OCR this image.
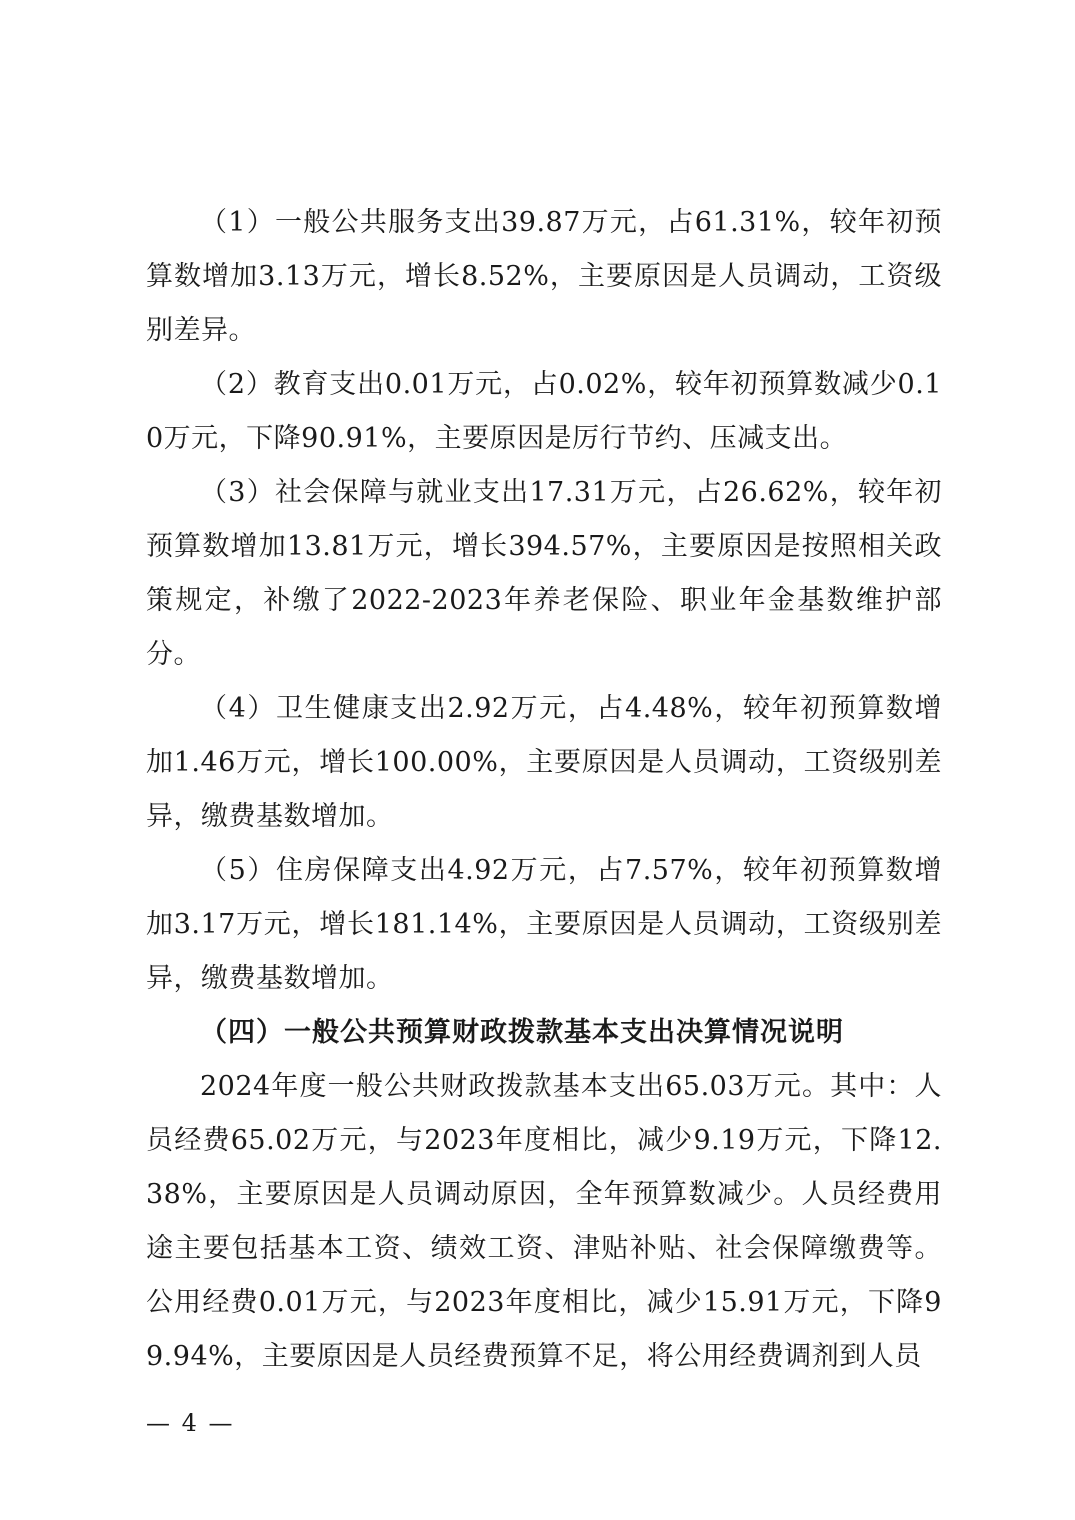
（1）一般公共服务支出39.87万元，占61.31%，较年初预算数增加3.13万元，增长8.52%，主要原因是人员调动，工资级别差异。

（2）教育支出0.01万元，占0.02%，较年初预算数减少0.10万元，下降90.91%，主要原因是厉行节约、压减支出。

（3）社会保障与就业支出17.31万元，占26.62%，较年初预算数增加13.81万元，增长394.57%，主要原因是按照相关政策规定，补缴了2022-2023年养老保险、职业年金基数维护部分。

（4）卫生健康支出2.92万元，占4.48%，较年初预算数增加1.46万元，增长100.00%，主要原因是人员调动，工资级别差异，缴费基数增加。

（5）住房保障支出4.92万元，占7.57%，较年初预算数增加3.17万元，增长181.14%，主要原因是人员调动，工资级别差异，缴费基数增加。

（四）一般公共预算财政拨款基本支出决算情况说明

2024年度一般公共财政拨款基本支出65.03万元。其中：人员经费65.02万元，与2023年度相比，减少9.19万元，下降12.38%，主要原因是人员调动原因，全年预算数减少。人员经费用途主要包括基本工资、绩效工资、津贴补贴、社会保障缴费等。公用经费0.01万元，与2023年度相比，减少15.91万元，下降99.94%，主要原因是人员经费预算不足，将公用经费调剂到人员

— 4 —
